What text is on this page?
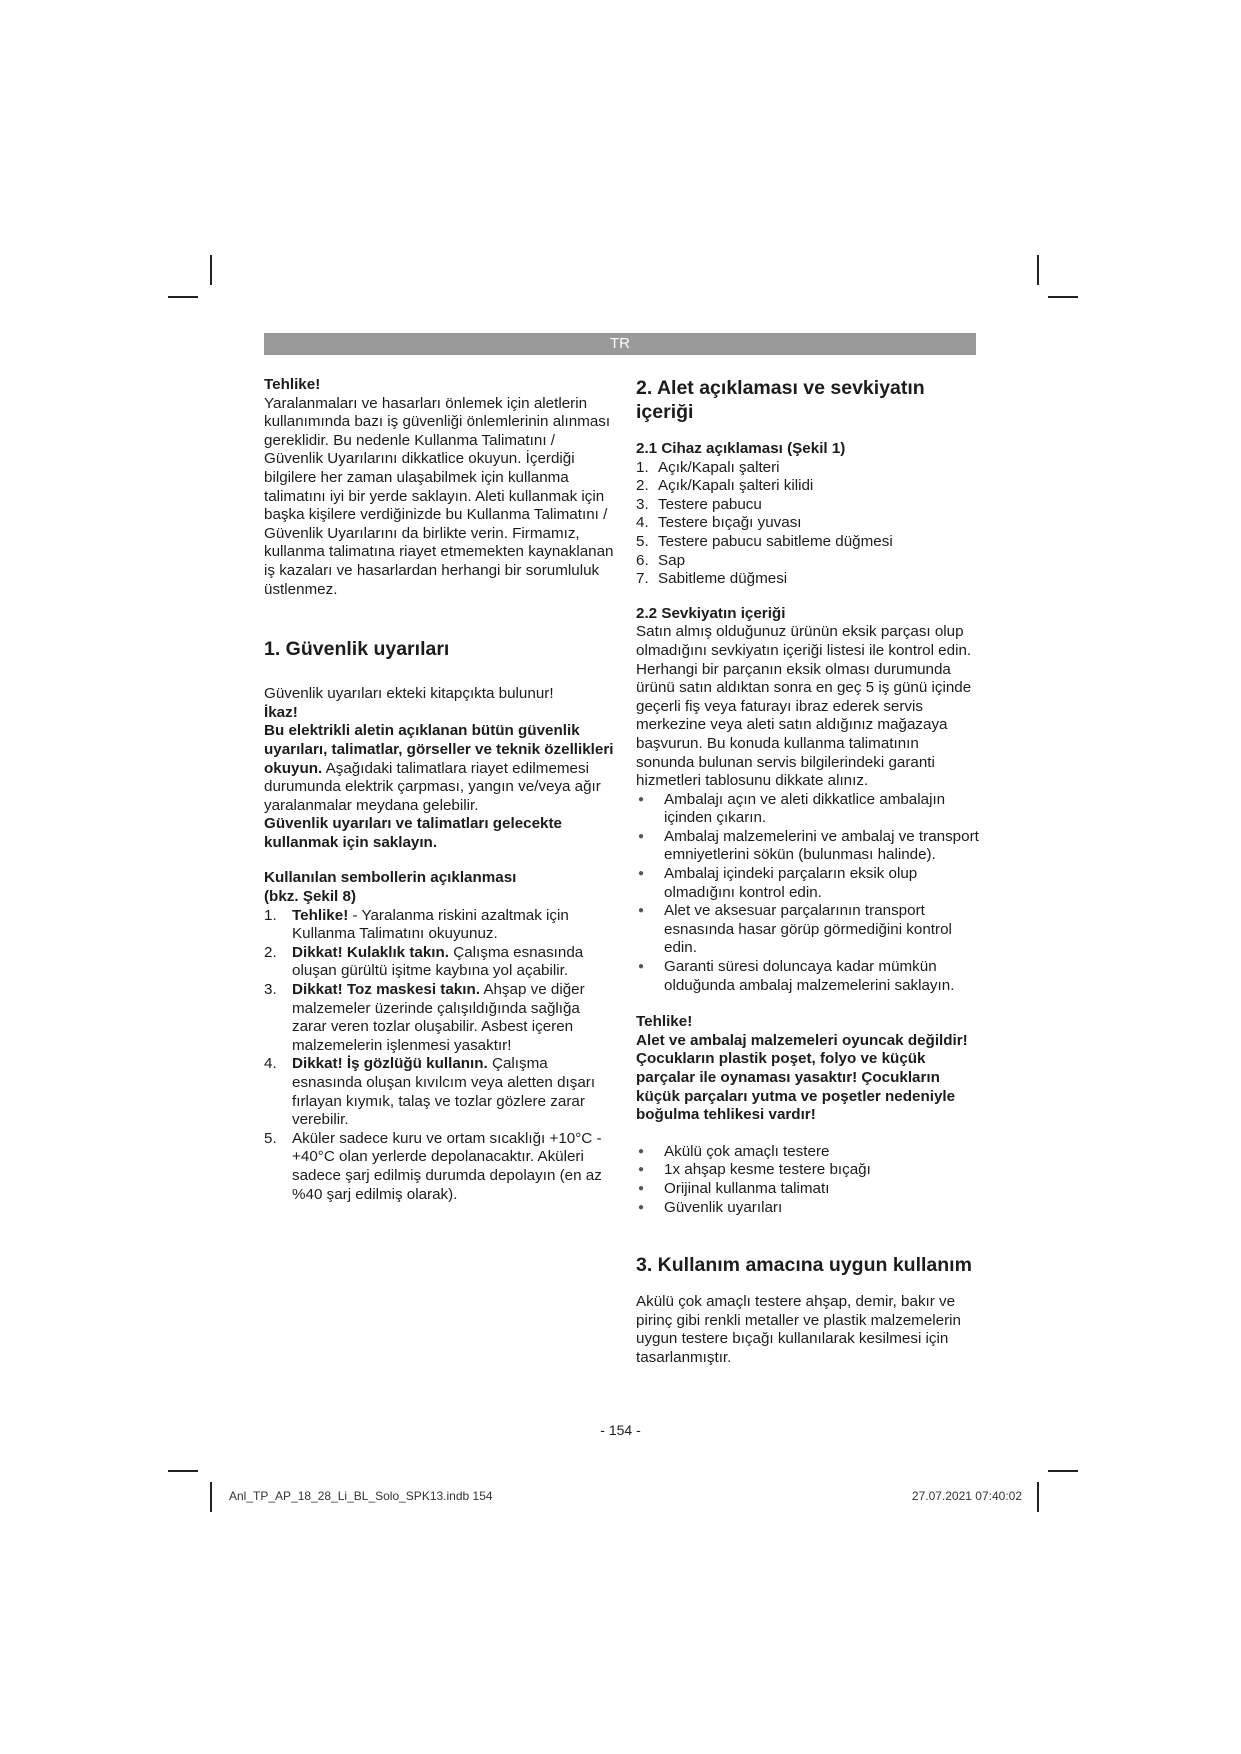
TR

Tehlike!

Yaralanmaları ve hasarları önlemek için aletlerin kullanımında bazı iş güvenliği önlemlerinin alınması gereklidir. Bu nedenle Kullanma Talimatını / Güvenlik Uyarılarını dikkatlice okuyun. İçerdiği bilgilere her zaman ulaşabilmek için kullanma talimatını iyi bir yerde saklayın. Aleti kullanmak için başka kişilere verdiğinizde bu Kullanma Talimatını / Güvenlik Uyarılarını da birlikte verin. Firmamız, kullanma talimatına riayet etmemekten kaynaklanan iş kazaları ve hasarlardan herhangi bir sorumluluk üstlenmez.

1. Güvenlik uyarıları

Güvenlik uyarıları ekteki kitapçıkta bulunur!

İkaz!

Bu elektrikli aletin açıklanan bütün güvenlik uyarıları, talimatlar, görseller ve teknik özellikleri okuyun. Aşağıdaki talimatlara riayet edilmemesi durumunda elektrik çarpması, yangın ve/veya ağır yaralanmalar meydana gelebilir.

Güvenlik uyarıları ve talimatları gelecekte kullanmak için saklayın.

Kullanılan sembollerin açıklanması

(bkz. Şekil 8)

1. Tehlike! - Yaralanma riskini azaltmak için Kullanma Talimatını okuyunuz.
2. Dikkat! Kulaklık takın. Çalışma esnasında oluşan gürültü işitme kaybına yol açabilir.
3. Dikkat! Toz maskesi takın. Ahşap ve diğer malzemeler üzerinde çalışıldığında sağlığa zarar veren tozlar oluşabilir. Asbest içeren malzemelerin işlenmesi yasaktır!
4. Dikkat! İş gözlüğü kullanın. Çalışma esnasında oluşan kıvılcım veya aletten dışarı fırlayan kıymık, talaş ve tozlar gözlere zarar verebilir.
5. Aküler sadece kuru ve ortam sıcaklığı +10°C - +40°C olan yerlerde depolanacaktır. Aküleri sadece şarj edilmiş durumda depolayın (en az %40 şarj edilmiş olarak).
2. Alet açıklaması ve sevkiyatın içeriği
2.1 Cihaz açıklaması (Şekil 1)
1. Açık/Kapalı şalteri
2. Açık/Kapalı şalteri kilidi
3. Testere pabucu
4. Testere bıçağı yuvası
5. Testere pabucu sabitleme düğmesi
6. Sap
7. Sabitleme düğmesi
2.2 Sevkiyatın içeriği

Satın almış olduğunuz ürünün eksik parçası olup olmadığını sevkiyatın içeriği listesi ile kontrol edin. Herhangi bir parçanın eksik olması durumunda ürünü satın aldıktan sonra en geç 5 iş günü içinde geçerli fiş veya faturayı ibraz ederek servis merkezine veya aleti satın aldığınız mağazaya başvurun. Bu konuda kullanma talimatının sonunda bulunan servis bilgilerindeki garanti hizmetleri tablosunu dikkate alınız.

● Ambalajı açın ve aleti dikkatlice ambalajın içinden çıkarın.
● Ambalaj malzemelerini ve ambalaj ve transport emniyetlerini sökün (bulunması halinde).
● Ambalaj içindeki parçaların eksik olup olmadığını kontrol edin.
● Alet ve aksesuar parçalarının transport esnasında hasar görüp görmediğini kontrol edin.
● Garanti süresi doluncaya kadar mümkün olduğunda ambalaj malzemelerini saklayın.

Tehlike!

Alet ve ambalaj malzemeleri oyuncak değildir! Çocukların plastik poşet, folyo ve küçük parçalar ile oynaması yasaktır! Çocukların küçük parçaları yutma ve poşetler nedeniyle boğulma tehlikesi vardır!

● Akülü çok amaçlı testere
● 1x ahşap kesme testere bıçağı
● Orijinal kullanma talimatı
● Güvenlik uyarıları
3. Kullanım amacına uygun kullanım

Akülü çok amaçlı testere ahşap, demir, bakır ve pirinç gibi renkli metaller ve plastik malzemelerin uygun testere bıçağı kullanılarak kesilmesi için tasarlanmıştır.

- 154 -
Anl_TP_AP_18_28_Li_BL_Solo_SPK13.indb 154	27.07.2021 07:40:02
